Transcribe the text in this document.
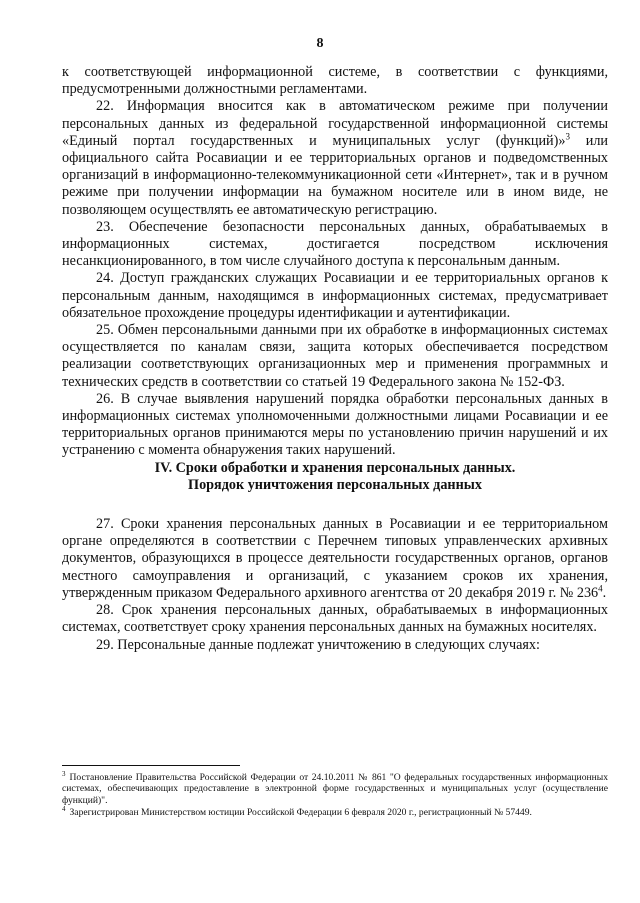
8

к соответствующей информационной системе, в соответствии с функциями, предусмотренными должностными регламентами.

22. Информация вносится как в автоматическом режиме при получении персональных данных из федеральной государственной информационной системы «Единый портал государственных и муниципальных услуг (функций)»$^3$ или официального сайта Росавиации и ее территориальных органов и подведомственных организаций в информационно-телекоммуникационной сети «Интернет», так и в ручном режиме при получении информации на бумажном носителе или в ином виде, не позволяющем осуществлять ее автоматическую регистрацию.

23. Обеспечение безопасности персональных данных, обрабатываемых в информационных системах, достигается посредством исключения несанкционированного, в том числе случайного доступа к персональным данным.

24. Доступ гражданских служащих Росавиации и ее территориальных органов к персональным данным, находящимся в информационных системах, предусматривает обязательное прохождение процедуры идентификации и аутентификации.

25. Обмен персональными данными при их обработке в информационных системах осуществляется по каналам связи, защита которых обеспечивается посредством реализации соответствующих организационных мер и применения программных и технических средств в соответствии со статьей 19 Федерального закона № 152-ФЗ.

26. В случае выявления нарушений порядка обработки персональных данных в информационных системах уполномоченными должностными лицами Росавиации и ее территориальных органов принимаются меры по установлению причин нарушений и их устранению с момента обнаружения таких нарушений.

IV. Сроки обработки и хранения персональных данных.
Порядок уничтожения персональных данных

27. Сроки хранения персональных данных в Росавиации и ее территориальном органе определяются в соответствии с Перечнем типовых управленческих архивных документов, образующихся в процессе деятельности государственных органов, органов местного самоуправления и организаций, с указанием сроков их хранения, утвержденным приказом Федерального архивного агентства от 20 декабря 2019 г. № $236^4$.

28. Срок хранения персональных данных, обрабатываемых в информационных системах, соответствует сроку хранения персональных данных на бумажных носителях.

29. Персональные данные подлежат уничтожению в следующих случаях:

$^3$ Постановление Правительства Российской Федерации от 24.10.2011 № 861 "О федеральных государственных информационных системах, обеспечивающих предоставление в электронной форме государственных и муниципальных услуг (осуществление функций)".

$^4$ Зарегистрирован Министерством юстиции Российской Федерации 6 февраля 2020 г., регистрационный № 57449.
